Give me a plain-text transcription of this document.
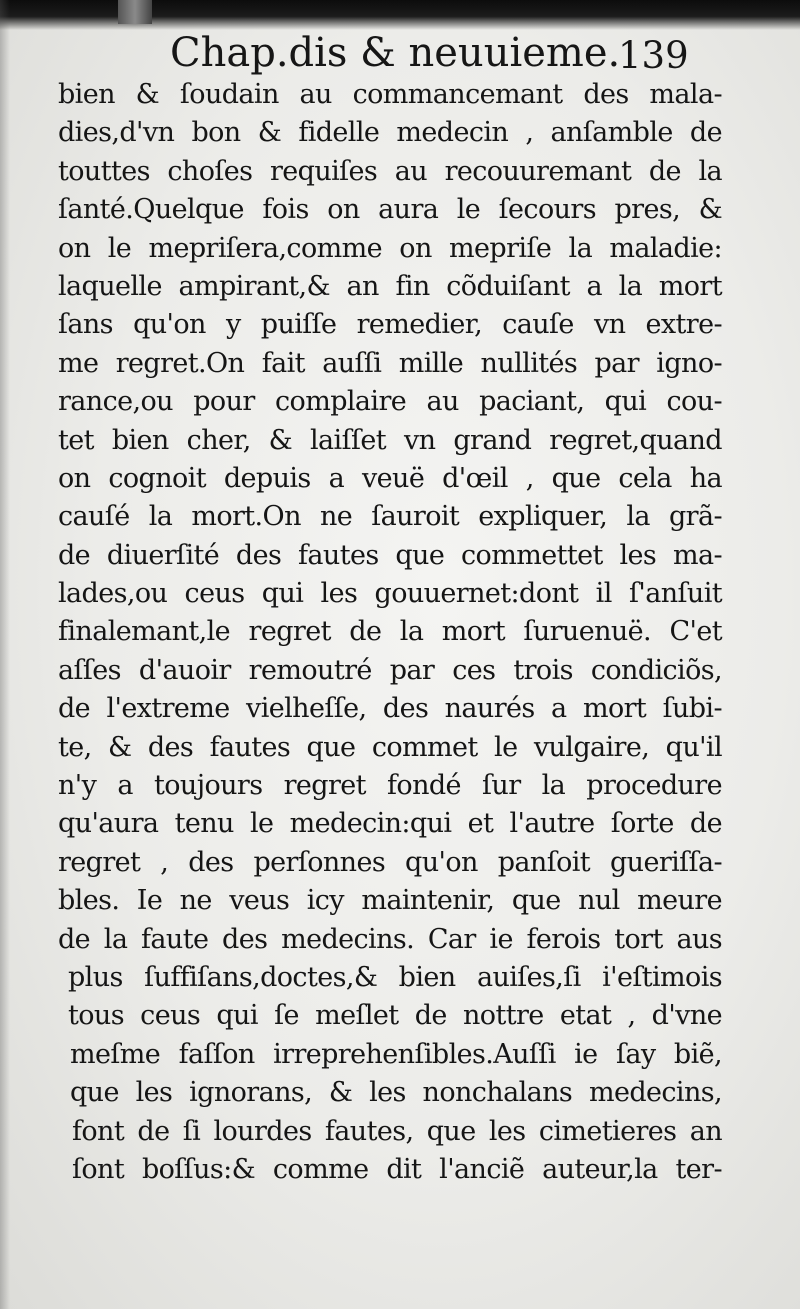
Chap.dis & neuuieme.
139
bien & ſoudain au commancemant des mala-
dies,d'vn bon & fidelle medecin , anſamble de
touttes choſes requiſes au recouuremant de la
ſanté.Quelque fois on aura le ſecours pres, &
on le mepriſera,comme on mepriſe la maladie:
laquelle ampirant,& an fin cõduiſant a la mort
ſans qu'on y puiſſe remedier, cauſe vn extre-
me regret.On fait auſſi mille nullités par igno-
rance,ou pour complaire au paciant, qui cou-
tet bien cher, & laiſſet vn grand regret,quand
on cognoit depuis a veuë d'œil , que cela ha
cauſé la mort.On ne ſauroit expliquer, la grã-
de diuerſité des fautes que commettet les ma-
lades,ou ceus qui les gouuernet:dont il ſ'anſuit
finalemant,le regret de la mort ſuruenuë. C'et
aſſes d'auoir remoutré par ces trois condiciõs,
de l'extreme vielheſſe, des naurés a mort ſubi-
te, & des fautes que commet le vulgaire, qu'il
n'y a toujours regret fondé ſur la procedure
qu'aura tenu le medecin:qui et l'autre ſorte de
regret , des perſonnes qu'on panſoit gueriſſa-
bles. Ie ne veus icy maintenir, que nul meure
de la faute des medecins. Car ie ferois tort aus
plus ſuffiſans,doctes,& bien auiſes,ſi i'eſtimois
tous ceus qui ſe meſlet de nottre etat , d'vne
meſme faſſon irreprehenſibles.Auſſi ie ſay biẽ,
que les ignorans, & les nonchalans medecins,
font de ſi lourdes fautes, que les cimetieres an
ſont boſſus:& comme dit l'anciẽ auteur,la ter-
